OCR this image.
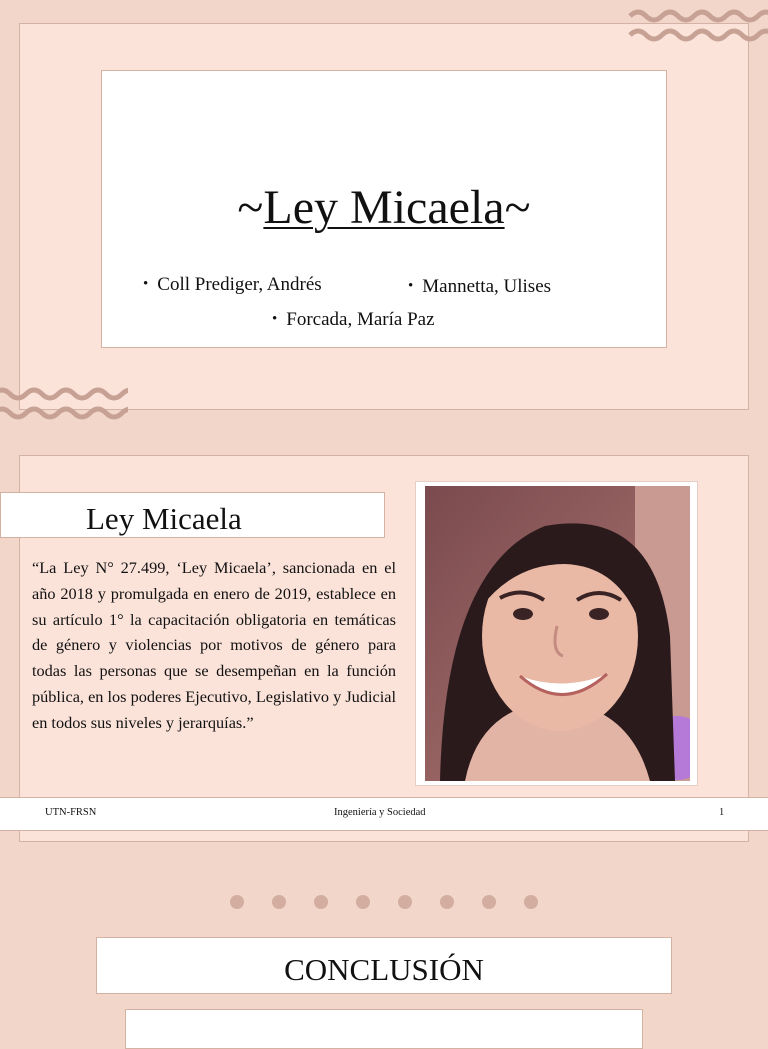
~Ley Micaela~
• Coll Prediger, Andrés	• Mannetta, Ulises
• Forcada, María Paz
Ley Micaela
“La Ley N° 27.499, ‘Ley Micaela’, sancionada en el año 2018 y promulgada en enero de 2019, establece en su artículo 1° la capacitación obligatoria en temáticas de género y violencias por motivos de género para todas las personas que se desempeñan en la función pública, en los poderes Ejecutivo, Legislativo y Judicial en todos sus niveles y jerarquías.”
UTN-FRSN	Ingeniería y Sociedad	1
CONCLUSIÓN
